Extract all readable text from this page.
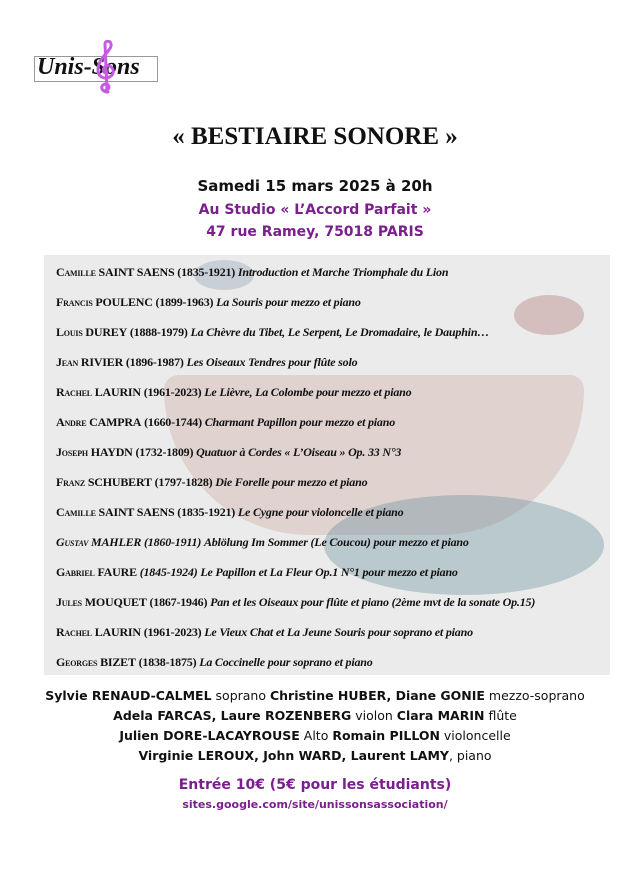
Unis-Sons
« BESTIAIRE SONORE »
Samedi 15 mars 2025 à 20h
Au Studio « L’Accord Parfait »
47 rue Ramey, 75018 PARIS
Camille SAINT SAENS (1835-1921) Introduction et Marche Triomphale du Lion
Francis POULENC (1899-1963) La Souris pour mezzo et piano
Louis DUREY (1888-1979) La Chèvre du Tibet, Le Serpent, Le Dromadaire, le Dauphin…
Jean RIVIER (1896-1987) Les Oiseaux Tendres pour flûte solo
Rachel LAURIN (1961-2023) Le Lièvre, La Colombe pour mezzo et piano
Andre CAMPRA (1660-1744) Charmant Papillon pour mezzo et piano
Joseph HAYDN (1732-1809) Quatuor à Cordes « L’Oiseau » Op. 33 N°3
Franz SCHUBERT (1797-1828) Die Forelle pour mezzo et piano
Camille SAINT SAENS (1835-1921) Le Cygne pour violoncelle et piano
Gustav MAHLER (1860-1911) Ablölung Im Sommer (Le Coucou) pour mezzo et piano
Gabriel FAURE (1845-1924) Le Papillon et La Fleur Op.1 N°1 pour mezzo et piano
Jules MOUQUET (1867-1946) Pan et les Oiseaux pour flûte et piano (2ème mvt de la sonate Op.15)
Rachel LAURIN (1961-2023) Le Vieux Chat et La Jeune Souris pour soprano et piano
Georges BIZET (1838-1875) La Coccinelle pour soprano et piano
Sylvie RENAUD-CALMEL soprano Christine HUBER, Diane GONIE mezzo-soprano
Adela FARCAS, Laure ROZENBERG violon Clara MARIN flûte
Julien DORE-LACAYROUSE Alto Romain PILLON violoncelle
Virginie LEROUX, John WARD, Laurent LAMY, piano
Entrée 10€ (5€ pour les étudiants)
sites.google.com/site/unissonsassociation/
